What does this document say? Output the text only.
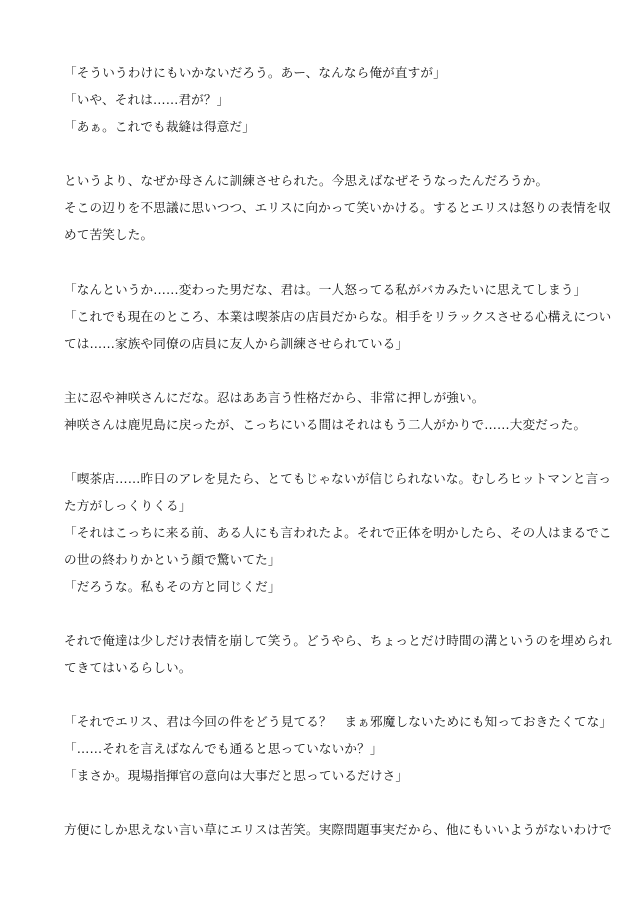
「そういうわけにもいかないだろう。あー、なんなら俺が直すが」
「いや、それは……君が？」
「あぁ。これでも裁縫は得意だ」
というより、なぜか母さんに訓練させられた。今思えばなぜそうなったんだろうか。
そこの辺りを不思議に思いつつ、エリスに向かって笑いかける。するとエリスは怒りの表情を収
めて苦笑した。
「なんというか……変わった男だな、君は。一人怒ってる私がバカみたいに思えてしまう」
「これでも現在のところ、本業は喫茶店の店員だからな。相手をリラックスさせる心構えについ
ては……家族や同僚の店員に友人から訓練させられている」
主に忍や神咲さんにだな。忍はああ言う性格だから、非常に押しが強い。
神咲さんは鹿児島に戻ったが、こっちにいる間はそれはもう二人がかりで……大変だった。
「喫茶店……昨日のアレを見たら、とてもじゃないが信じられないな。むしろヒットマンと言っ
た方がしっくりくる」
「それはこっちに来る前、ある人にも言われたよ。それで正体を明かしたら、その人はまるでこ
の世の終わりかという顔で驚いてた」
「だろうな。私もその方と同じくだ」
それで俺達は少しだけ表情を崩して笑う。どうやら、ちょっとだけ時間の溝というのを埋められ
てきてはいるらしい。
「それでエリス、君は今回の件をどう見てる？　まぁ邪魔しないためにも知っておきたくてな」
「……それを言えばなんでも通ると思っていないか？」
「まさか。現場指揮官の意向は大事だと思っているだけさ」
方便にしか思えない言い草にエリスは苦笑。実際問題事実だから、他にもいいようがないわけで
